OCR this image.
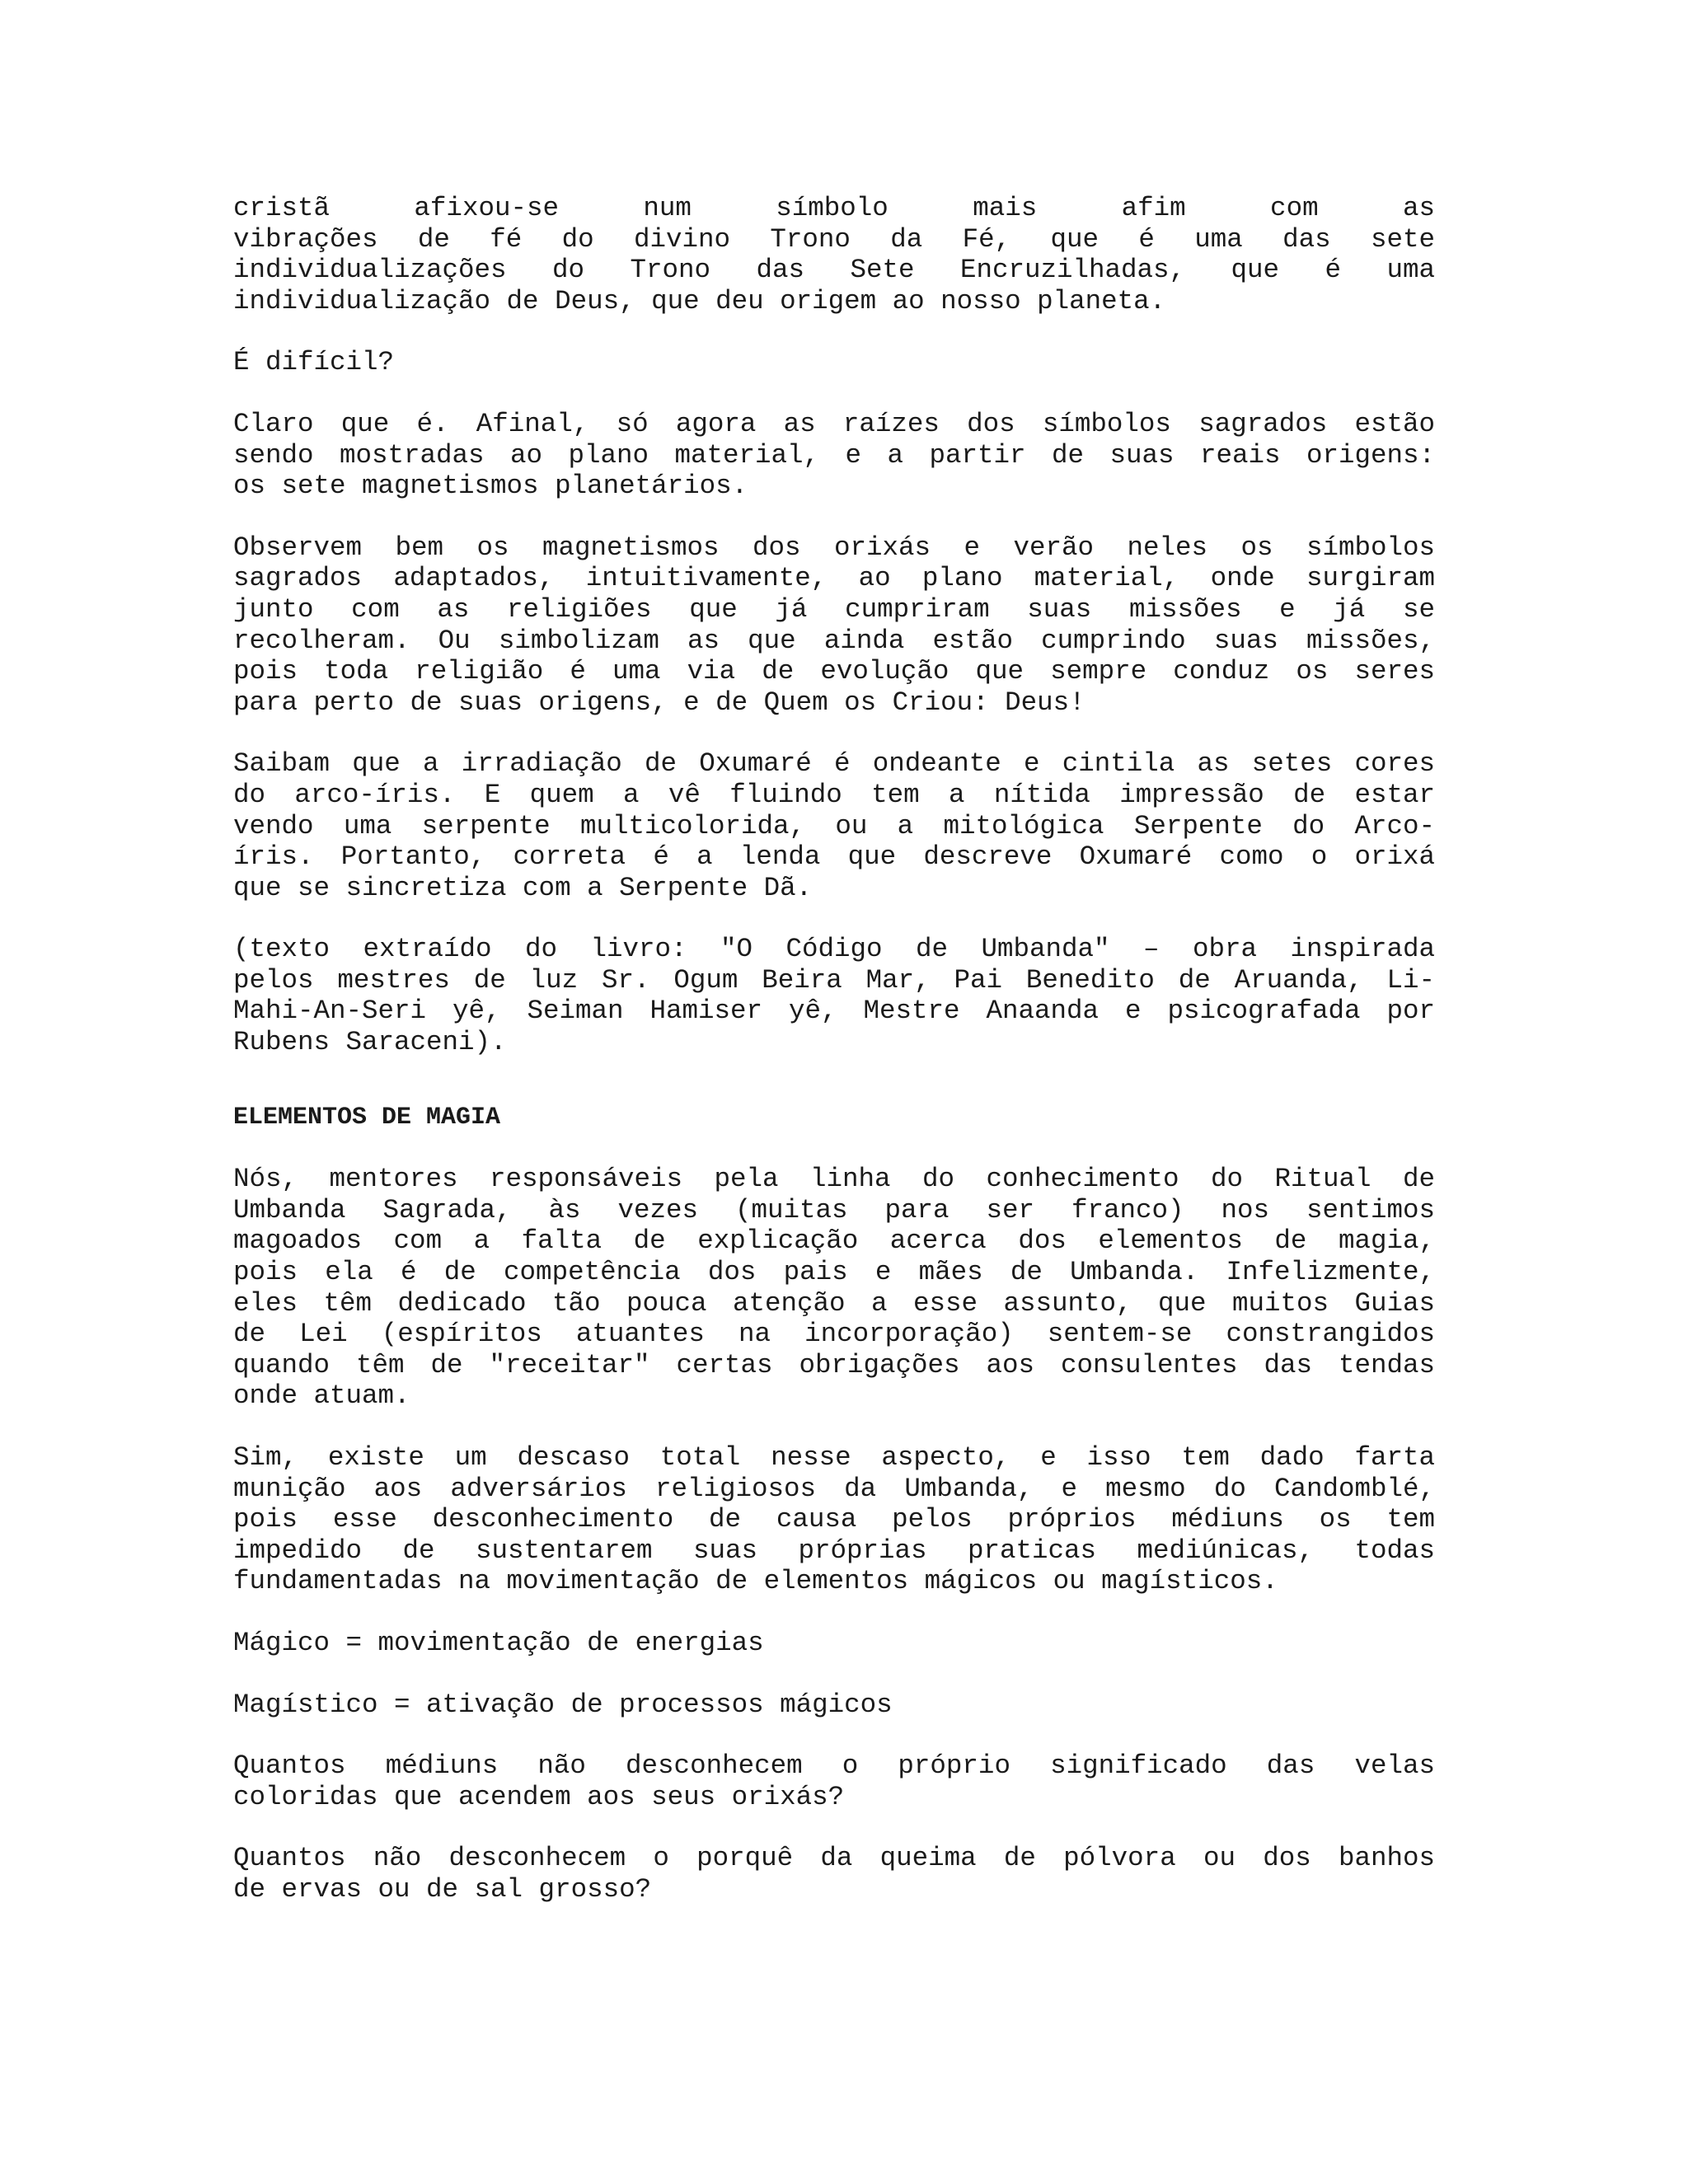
cristã afixou-se num símbolo mais afim com as
vibrações de fé do divino Trono da Fé, que é uma das sete
individualizações do Trono das Sete Encruzilhadas, que é uma
individualização de Deus, que deu origem ao nosso planeta.

É difícil?

Claro que é. Afinal, só agora as raízes dos símbolos sagrados estão
sendo mostradas ao plano material, e a partir de suas reais origens:
os sete magnetismos planetários.

Observem bem os magnetismos dos orixás e verão neles os símbolos
sagrados adaptados, intuitivamente, ao plano material, onde surgiram
junto com as religiões que já cumpriram suas missões e já se
recolheram. Ou simbolizam as que ainda estão cumprindo suas missões,
pois toda religião é uma via de evolução que sempre conduz os seres
para perto de suas origens, e de Quem os Criou: Deus!

Saibam que a irradiação de Oxumaré é ondeante e cintila as setes cores
do arco-íris. E quem a vê fluindo tem a nítida impressão de estar
vendo uma serpente multicolorida, ou a mitológica Serpente do Arco-
íris. Portanto, correta é a lenda que descreve Oxumaré como o orixá
que se sincretiza com a Serpente Dã.

(texto extraído do livro: "O Código de Umbanda" – obra inspirada
pelos mestres de luz Sr. Ogum Beira Mar, Pai Benedito de Aruanda, Li-
Mahi-An-Seri yê, Seiman Hamiser yê, Mestre Anaanda e psicografada por
Rubens Saraceni).

ELEMENTOS DE MAGIA

Nós, mentores responsáveis pela linha do conhecimento do Ritual de
Umbanda Sagrada, às vezes (muitas para ser franco) nos sentimos
magoados com a falta de explicação acerca dos elementos de magia,
pois ela é de competência dos pais e mães de Umbanda. Infelizmente,
eles têm dedicado tão pouca atenção a esse assunto, que muitos Guias
de Lei (espíritos atuantes na incorporação) sentem-se constrangidos
quando têm de "receitar" certas obrigações aos consulentes das tendas
onde atuam.

Sim, existe um descaso total nesse aspecto, e isso tem dado farta
munição aos adversários religiosos da Umbanda, e mesmo do Candomblé,
pois esse desconhecimento de causa pelos próprios médiuns os tem
impedido de sustentarem suas próprias praticas mediúnicas, todas
fundamentadas na movimentação de elementos mágicos ou magísticos.

Mágico = movimentação de energias

Magístico = ativação de processos mágicos

Quantos médiuns não desconhecem o próprio significado das velas
coloridas que acendem aos seus orixás?

Quantos não desconhecem o porquê da queima de pólvora ou dos banhos
de ervas ou de sal grosso?
